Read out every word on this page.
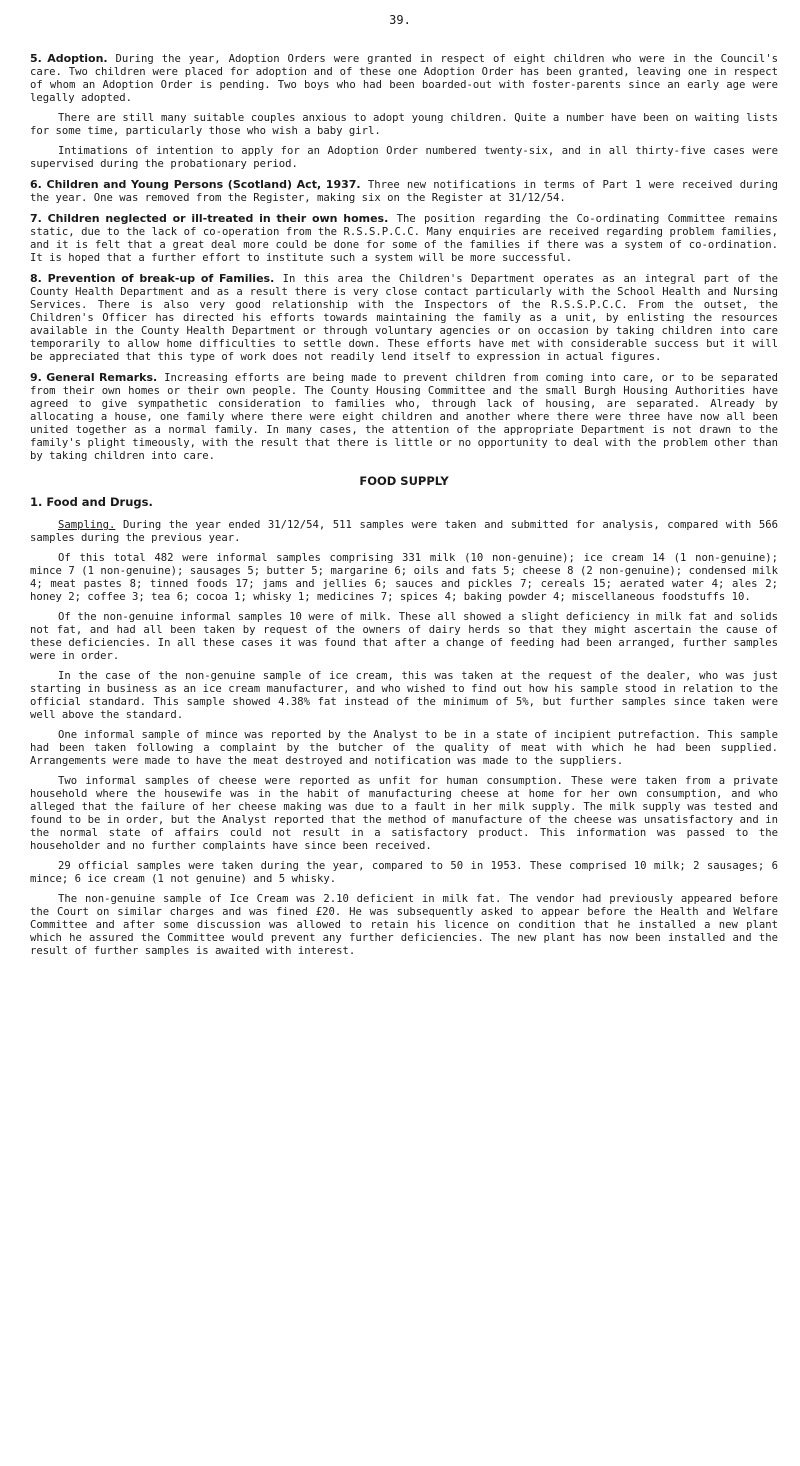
39.

5. Adoption. During the year, Adoption Orders were granted in respect of eight children who were in the Council's care. Two children were placed for adoption and of these one Adoption Order has been granted, leaving one in respect of whom an Adoption Order is pending. Two boys who had been boarded-out with foster-parents since an early age were legally adopted.

There are still many suitable couples anxious to adopt young children. Quite a number have been on waiting lists for some time, particularly those who wish a baby girl.

Intimations of intention to apply for an Adoption Order numbered twenty-six, and in all thirty-five cases were supervised during the probationary period.

6. Children and Young Persons (Scotland) Act, 1937. Three new notifications in terms of Part 1 were received during the year. One was removed from the Register, making six on the Register at 31/12/54.

7. Children neglected or ill-treated in their own homes. The position regarding the Co-ordinating Committee remains static, due to the lack of co-operation from the R.S.S.P.C.C. Many enquiries are received regarding problem families, and it is felt that a great deal more could be done for some of the families if there was a system of co-ordination. It is hoped that a further effort to institute such a system will be more successful.

8. Prevention of break-up of Families. In this area the Children's Department operates as an integral part of the County Health Department and as a result there is very close contact particularly with the School Health and Nursing Services. There is also very good relationship with the Inspectors of the R.S.S.P.C.C. From the outset, the Children's Officer has directed his efforts towards maintaining the family as a unit, by enlisting the resources available in the County Health Department or through voluntary agencies or on occasion by taking children into care temporarily to allow home difficulties to settle down. These efforts have met with considerable success but it will be appreciated that this type of work does not readily lend itself to expression in actual figures.

9. General Remarks. Increasing efforts are being made to prevent children from coming into care, or to be separated from their own homes or their own people. The County Housing Committee and the small Burgh Housing Authorities have agreed to give sympathetic consideration to families who, through lack of housing, are separated. Already by allocating a house, one family where there were eight children and another where there were three have now all been united together as a normal family. In many cases, the attention of the appropriate Department is not drawn to the family's plight timeously, with the result that there is little or no opportunity to deal with the problem other than by taking children into care.

FOOD SUPPLY
1. Food and Drugs.

Sampling. During the year ended 31/12/54, 511 samples were taken and submitted for analysis, compared with 566 samples during the previous year.

Of this total 482 were informal samples comprising 331 milk (10 non-genuine); ice cream 14 (1 non-genuine); mince 7 (1 non-genuine); sausages 5; butter 5; margarine 6; oils and fats 5; cheese 8 (2 non-genuine); condensed milk 4; meat pastes 8; tinned foods 17; jams and jellies 6; sauces and pickles 7; cereals 15; aerated water 4; ales 2; honey 2; coffee 3; tea 6; cocoa 1; whisky 1; medicines 7; spices 4; baking powder 4; miscellaneous foodstuffs 10.

Of the non-genuine informal samples 10 were of milk. These all showed a slight deficiency in milk fat and solids not fat, and had all been taken by request of the owners of dairy herds so that they might ascertain the cause of these deficiencies. In all these cases it was found that after a change of feeding had been arranged, further samples were in order.

In the case of the non-genuine sample of ice cream, this was taken at the request of the dealer, who was just starting in business as an ice cream manufacturer, and who wished to find out how his sample stood in relation to the official standard. This sample showed 4.38% fat instead of the minimum of 5%, but further samples since taken were well above the standard.

One informal sample of mince was reported by the Analyst to be in a state of incipient putrefaction. This sample had been taken following a complaint by the butcher of the quality of meat with which he had been supplied. Arrangements were made to have the meat destroyed and notification was made to the suppliers.

Two informal samples of cheese were reported as unfit for human consumption. These were taken from a private household where the housewife was in the habit of manufacturing cheese at home for her own consumption, and who alleged that the failure of her cheese making was due to a fault in her milk supply. The milk supply was tested and found to be in order, but the Analyst reported that the method of manufacture of the cheese was unsatisfactory and in the normal state of affairs could not result in a satisfactory product. This information was passed to the householder and no further complaints have since been received.

29 official samples were taken during the year, compared to 50 in 1953. These comprised 10 milk; 2 sausages; 6 mince; 6 ice cream (1 not genuine) and 5 whisky.

The non-genuine sample of Ice Cream was 2.10 deficient in milk fat. The vendor had previously appeared before the Court on similar charges and was fined £20. He was subsequently asked to appear before the Health and Welfare Committee and after some discussion was allowed to retain his licence on condition that he installed a new plant which he assured the Committee would prevent any further deficiencies. The new plant has now been installed and the result of further samples is awaited with interest.
